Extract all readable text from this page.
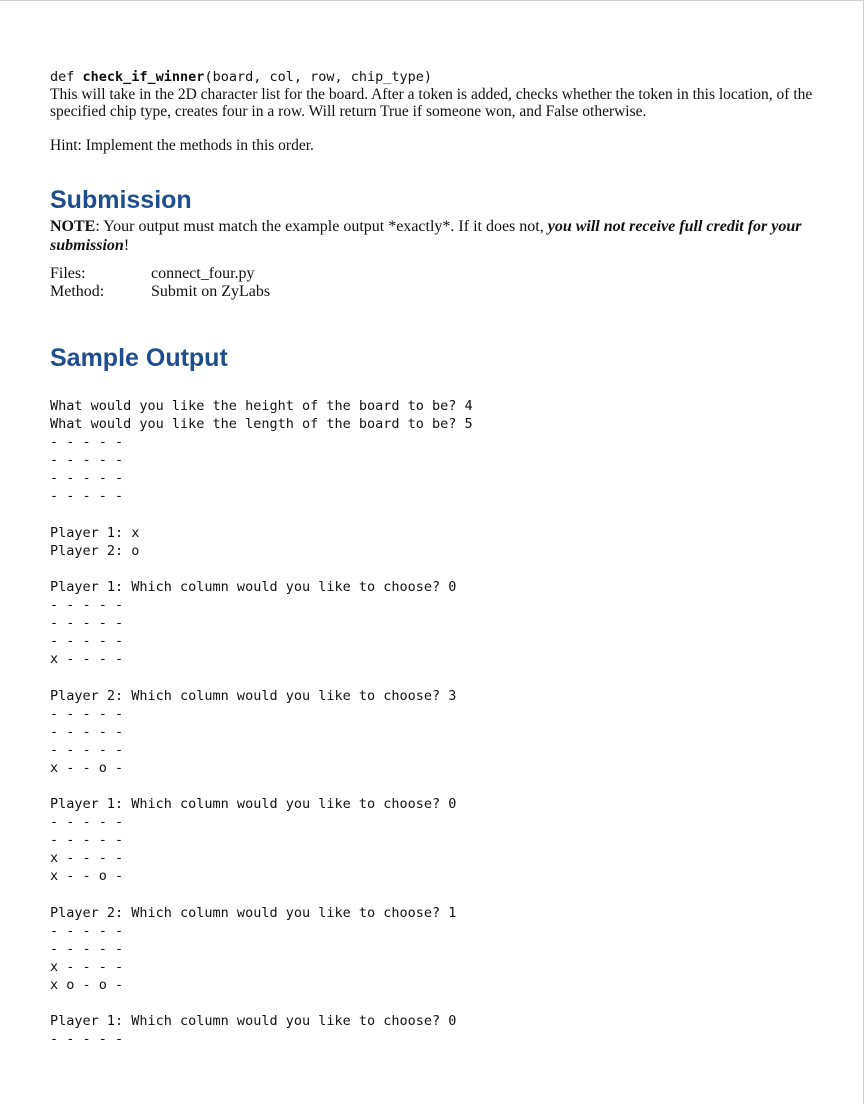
def check_if_winner(board, col, row, chip_type)

This will take in the 2D character list for the board. After a token is added, checks whether the token in this location, of the specified chip type, creates four in a row. Will return True if someone won, and False otherwise.

Hint: Implement the methods in this order.

Submission

NOTE: Your output must match the example output *exactly*. If it does not, you will not receive full credit for your submission!

Files:	connect_four.py
Method:	Submit on ZyLabs
Sample Output
What would you like the height of the board to be? 4
What would you like the length of the board to be? 5
- - - - -
- - - - -
- - - - -
- - - - -
Player 1: x
Player 2: o
Player 1: Which column would you like to choose? 0
- - - - -
- - - - -
- - - - -
x - - - -
Player 2: Which column would you like to choose? 3
- - - - -
- - - - -
- - - - -
x - - o -
Player 1: Which column would you like to choose? 0
- - - - -
- - - - -
x - - - -
x - - o -
Player 2: Which column would you like to choose? 1
- - - - -
- - - - -
x - - - -
x o - o -
Player 1: Which column would you like to choose? 0
- - - - -
